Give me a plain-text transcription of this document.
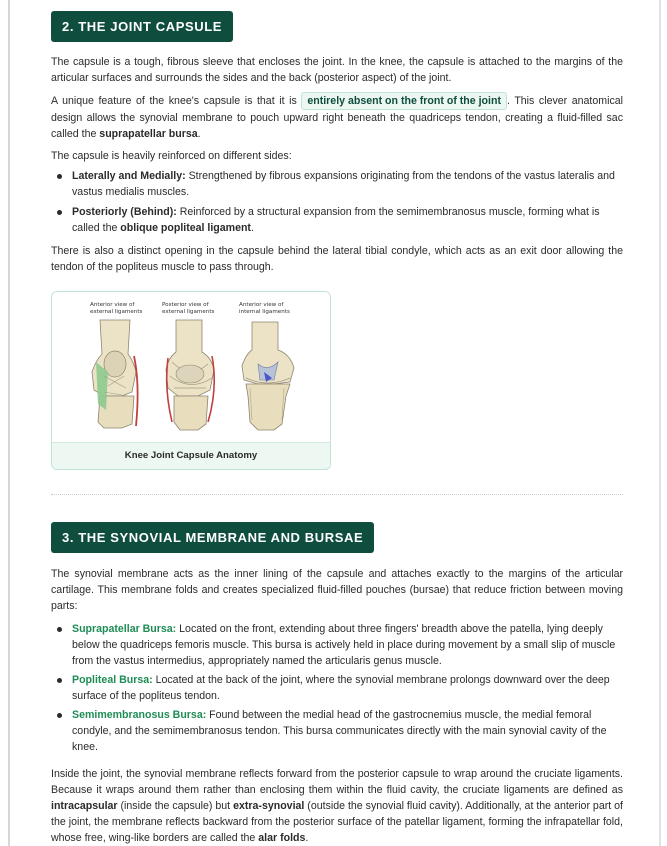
2. THE JOINT CAPSULE

The capsule is a tough, fibrous sleeve that encloses the joint. In the knee, the capsule is attached to the margins of the articular surfaces and surrounds the sides and the back (posterior aspect) of the joint.

A unique feature of the knee's capsule is that it is entirely absent on the front of the joint . This clever anatomical design allows the synovial membrane to pouch upward right beneath the quadriceps tendon, creating a fluid-filled sac called the suprapatellar bursa.

The capsule is heavily reinforced on different sides:

Laterally and Medially: Strengthened by fibrous expansions originating from the tendons of the vastus lateralis and vastus medialis muscles.
Posteriorly (Behind): Reinforced by a structural expansion from the semimembranosus muscle, forming what is called the oblique popliteal ligament.

There is also a distinct opening in the capsule behind the lateral tibial condyle, which acts as an exit door allowing the tendon of the popliteus muscle to pass through.

Anterior view of external ligaments
Posterior view of external ligaments
Anterior view of internal ligaments
Knee Joint Capsule Anatomy
3. THE SYNOVIAL MEMBRANE AND BURSAE

The synovial membrane acts as the inner lining of the capsule and attaches exactly to the margins of the articular cartilage. This membrane folds and creates specialized fluid-filled pouches (bursae) that reduce friction between moving parts:

Suprapatellar Bursa: Located on the front, extending about three fingers' breadth above the patella, lying deeply below the quadriceps femoris muscle. This bursa is actively held in place during movement by a small slip of muscle from the vastus intermedius, appropriately named the articularis genus muscle.
Popliteal Bursa: Located at the back of the joint, where the synovial membrane prolongs downward over the deep surface of the popliteus tendon.
Semimembranosus Bursa: Found between the medial head of the gastrocnemius muscle, the medial femoral condyle, and the semimembranosus tendon. This bursa communicates directly with the main synovial cavity of the knee.

Inside the joint, the synovial membrane reflects forward from the posterior capsule to wrap around the cruciate ligaments. Because it wraps around them rather than enclosing them within the fluid cavity, the cruciate ligaments are defined as intracapsular (inside the capsule) but extra-synovial (outside the synovial fluid cavity). Additionally, at the anterior part of the joint, the membrane reflects backward from the posterior surface of the patellar ligament, forming the infrapatellar fold, whose free, wing-like borders are called the alar folds.
